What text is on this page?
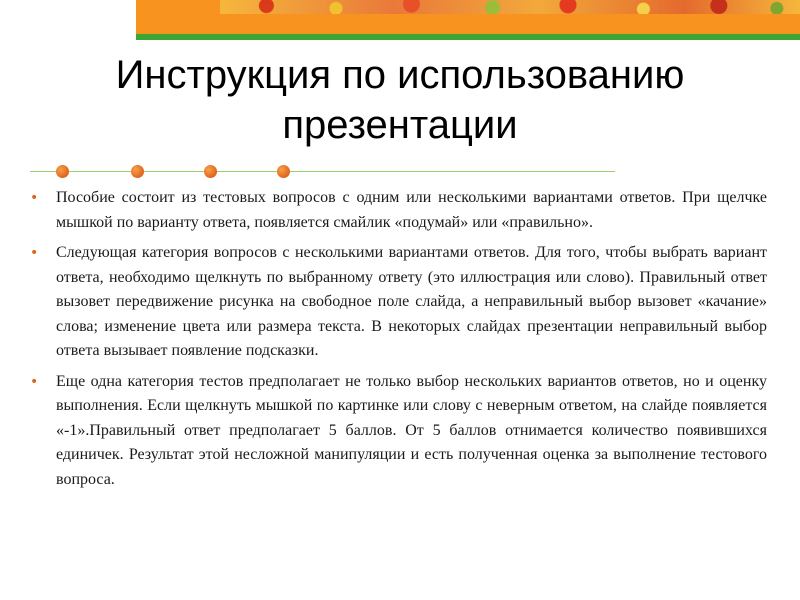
Инструкция по использованию презентации
• Пособие состоит из тестовых вопросов с одним или несколькими вариантами ответов. При щелчке мышкой по варианту ответа, появляется смайлик «подумай» или «правильно».
• Следующая категория вопросов с несколькими вариантами ответов. Для того, чтобы выбрать вариант ответа, необходимо щелкнуть по выбранному ответу (это иллюстрация или слово). Правильный ответ вызовет передвижение рисунка на свободное поле слайда, а неправильный выбор вызовет «качание» слова; изменение цвета или размера текста. В некоторых слайдах презентации неправильный выбор ответа вызывает появление подсказки.
• Еще одна категория тестов предполагает не только выбор нескольких вариантов ответов, но и оценку выполнения. Если щелкнуть мышкой по картинке или слову с неверным ответом, на слайде появляется «-1».Правильный ответ предполагает 5 баллов. От 5 баллов отнимается количество появившихся единичек. Результат этой несложной манипуляции и есть полученная оценка за выполнение тестового вопроса.
